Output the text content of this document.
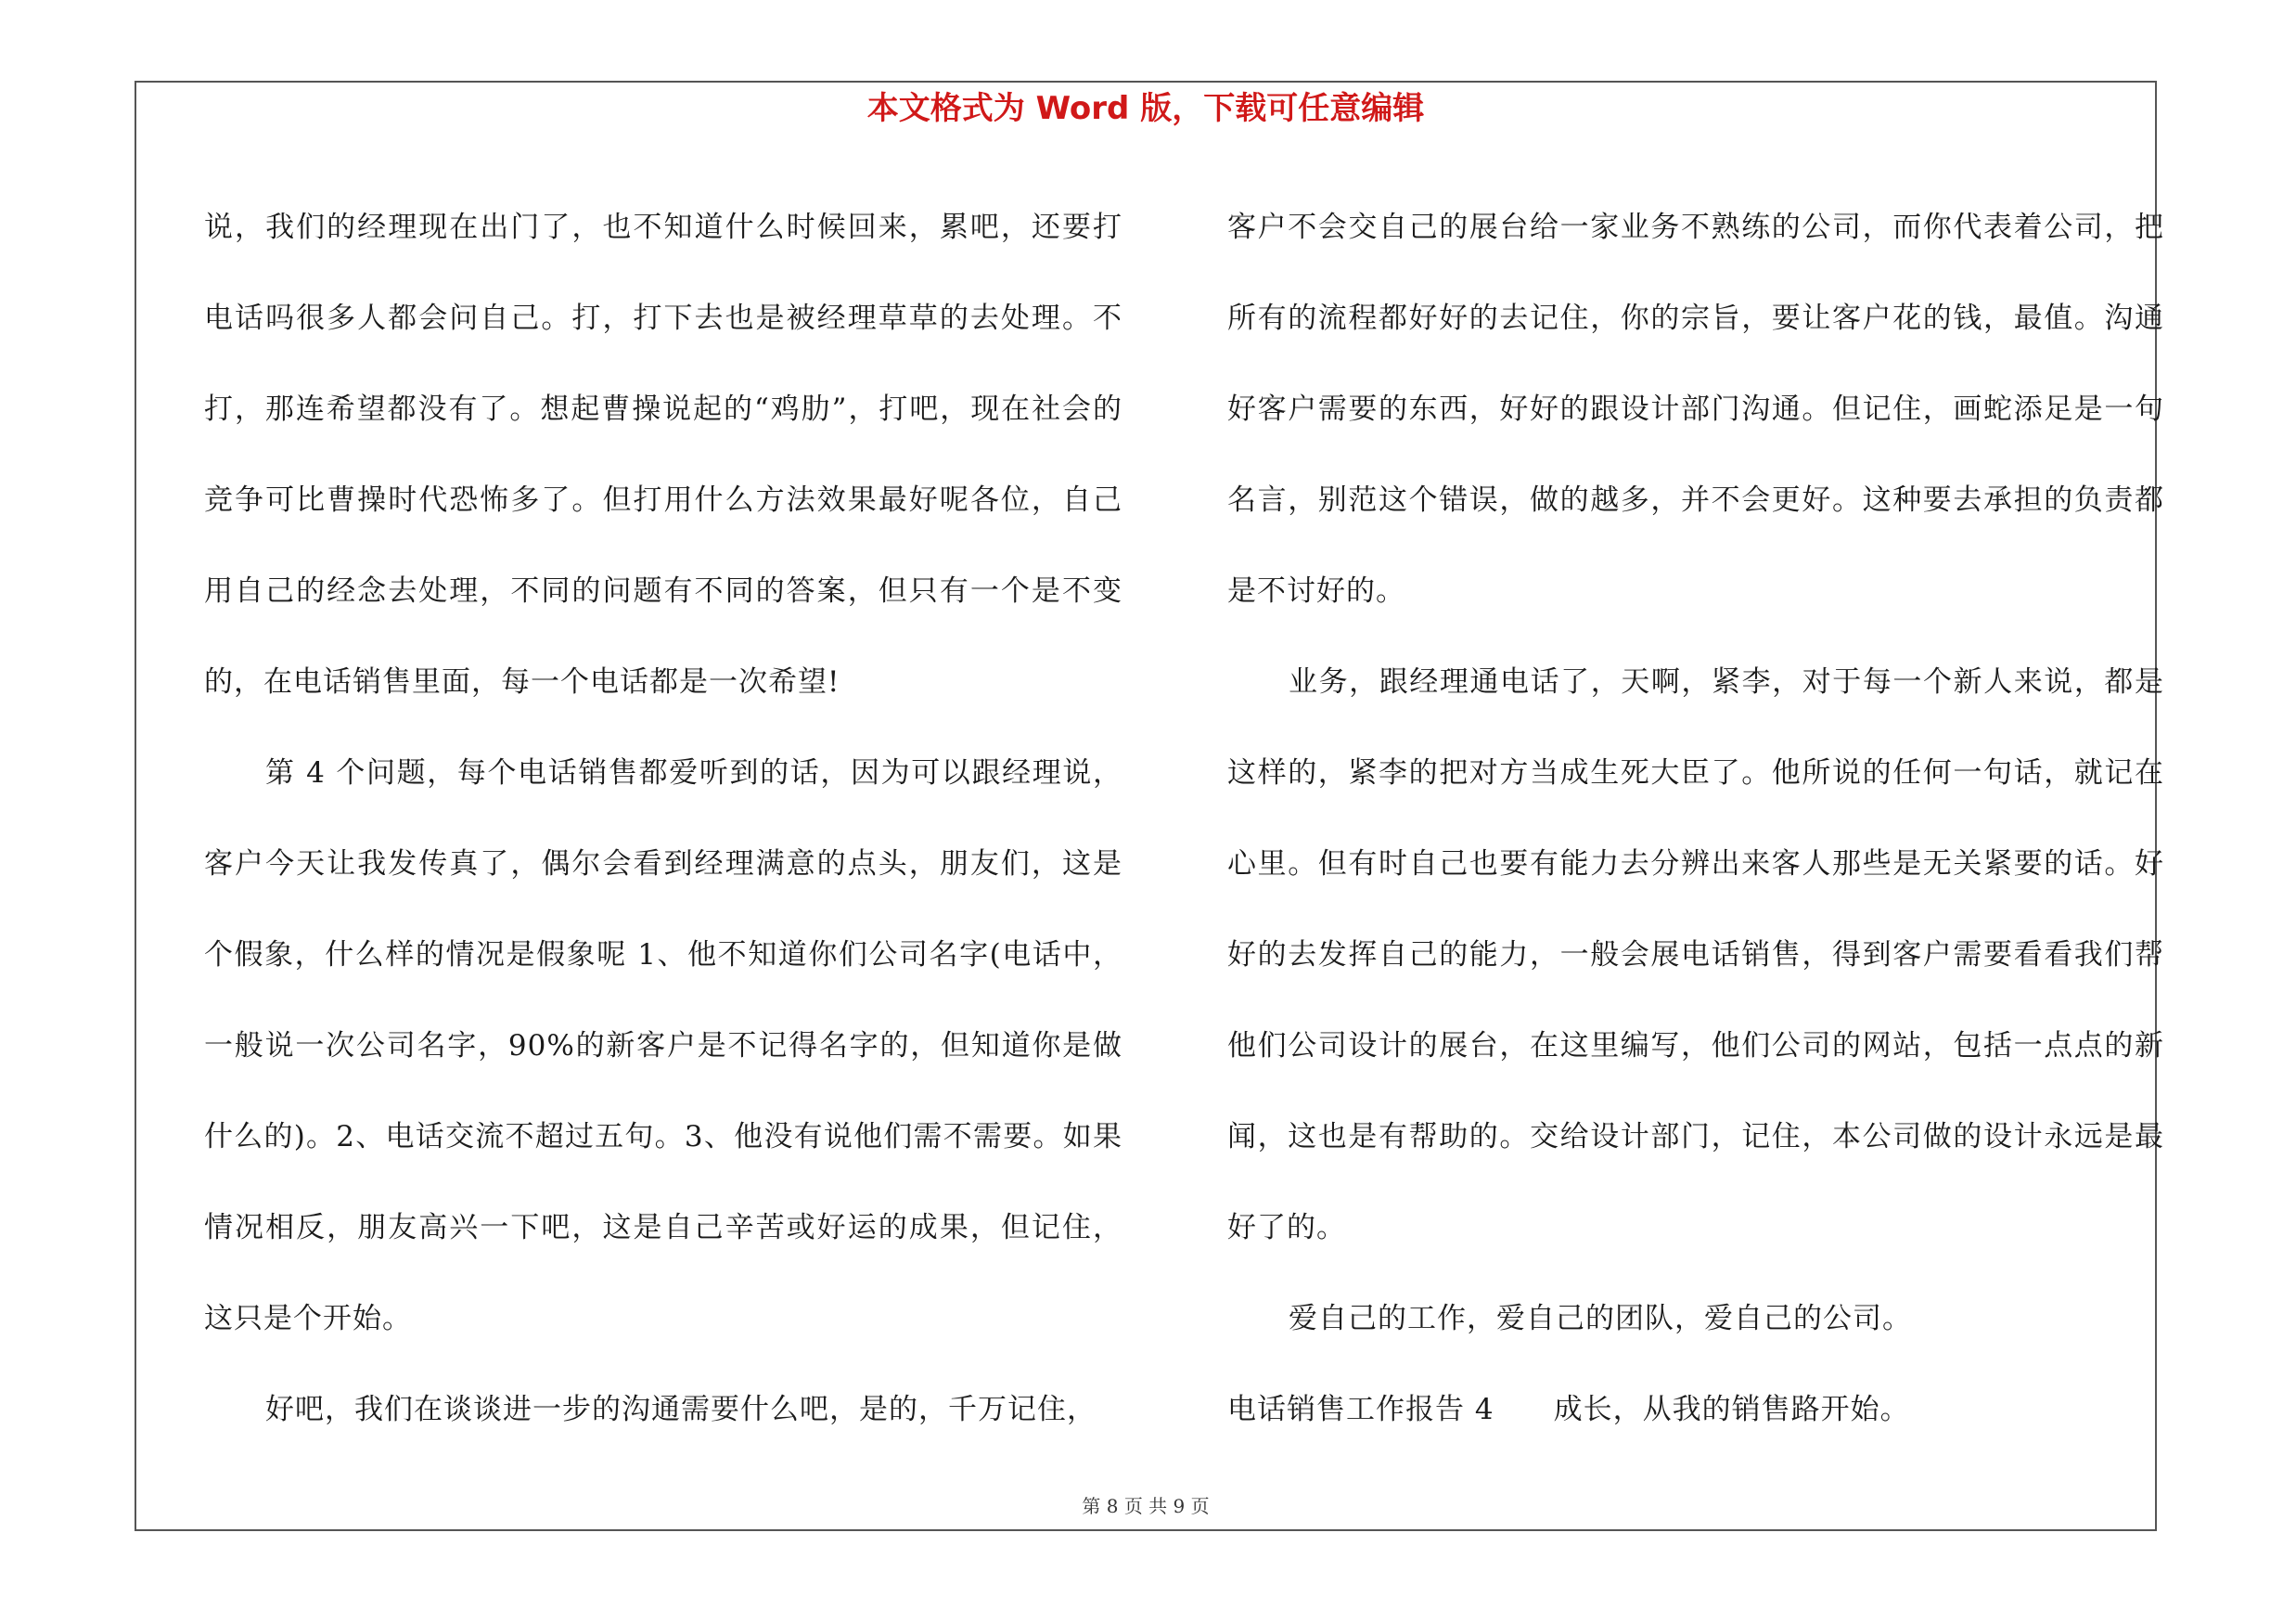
本文格式为 Word 版，下载可任意编辑

说，我们的经理现在出门了，也不知道什么时候回来，累吧，还要打电话吗很多人都会问自己。打，打下去也是被经理草草的去处理。不打，那连希望都没有了。想起曹操说起的“鸡肋”，打吧，现在社会的竞争可比曹操时代恐怖多了。但打用什么方法效果最好呢各位，自己用自己的经念去处理，不同的问题有不同的答案，但只有一个是不变的，在电话销售里面，每一个电话都是一次希望!

第 4 个问题，每个电话销售都爱听到的话，因为可以跟经理说，客户今天让我发传真了，偶尔会看到经理满意的点头，朋友们，这是个假象，什么样的情况是假象呢 1、他不知道你们公司名字(电话中，一般说一次公司名字，90%的新客户是不记得名字的，但知道你是做什么的)。2、电话交流不超过五句。3、他没有说他们需不需要。如果情况相反，朋友高兴一下吧，这是自己辛苦或好运的成果，但记住，这只是个开始。

好吧，我们在谈谈进一步的沟通需要什么吧，是的，千万记住，

客户不会交自己的展台给一家业务不熟练的公司，而你代表着公司，把所有的流程都好好的去记住，你的宗旨，要让客户花的钱，最值。沟通好客户需要的东西，好好的跟设计部门沟通。但记住，画蛇添足是一句名言，别范这个错误，做的越多，并不会更好。这种要去承担的负责都是不讨好的。

业务，跟经理通电话了，天啊，紧李，对于每一个新人来说，都是这样的，紧李的把对方当成生死大臣了。他所说的任何一句话，就记在心里。但有时自己也要有能力去分辨出来客人那些是无关紧要的话。好好的去发挥自己的能力，一般会展电话销售，得到客户需要看看我们帮他们公司设计的展台，在这里编写，他们公司的网站，包括一点点的新闻，这也是有帮助的。交给设计部门，记住，本公司做的设计永远是最好了的。

爱自己的工作，爱自己的团队，爱自己的公司。

电话销售工作报告 4　　成长，从我的销售路开始。

第 8 页 共 9 页
